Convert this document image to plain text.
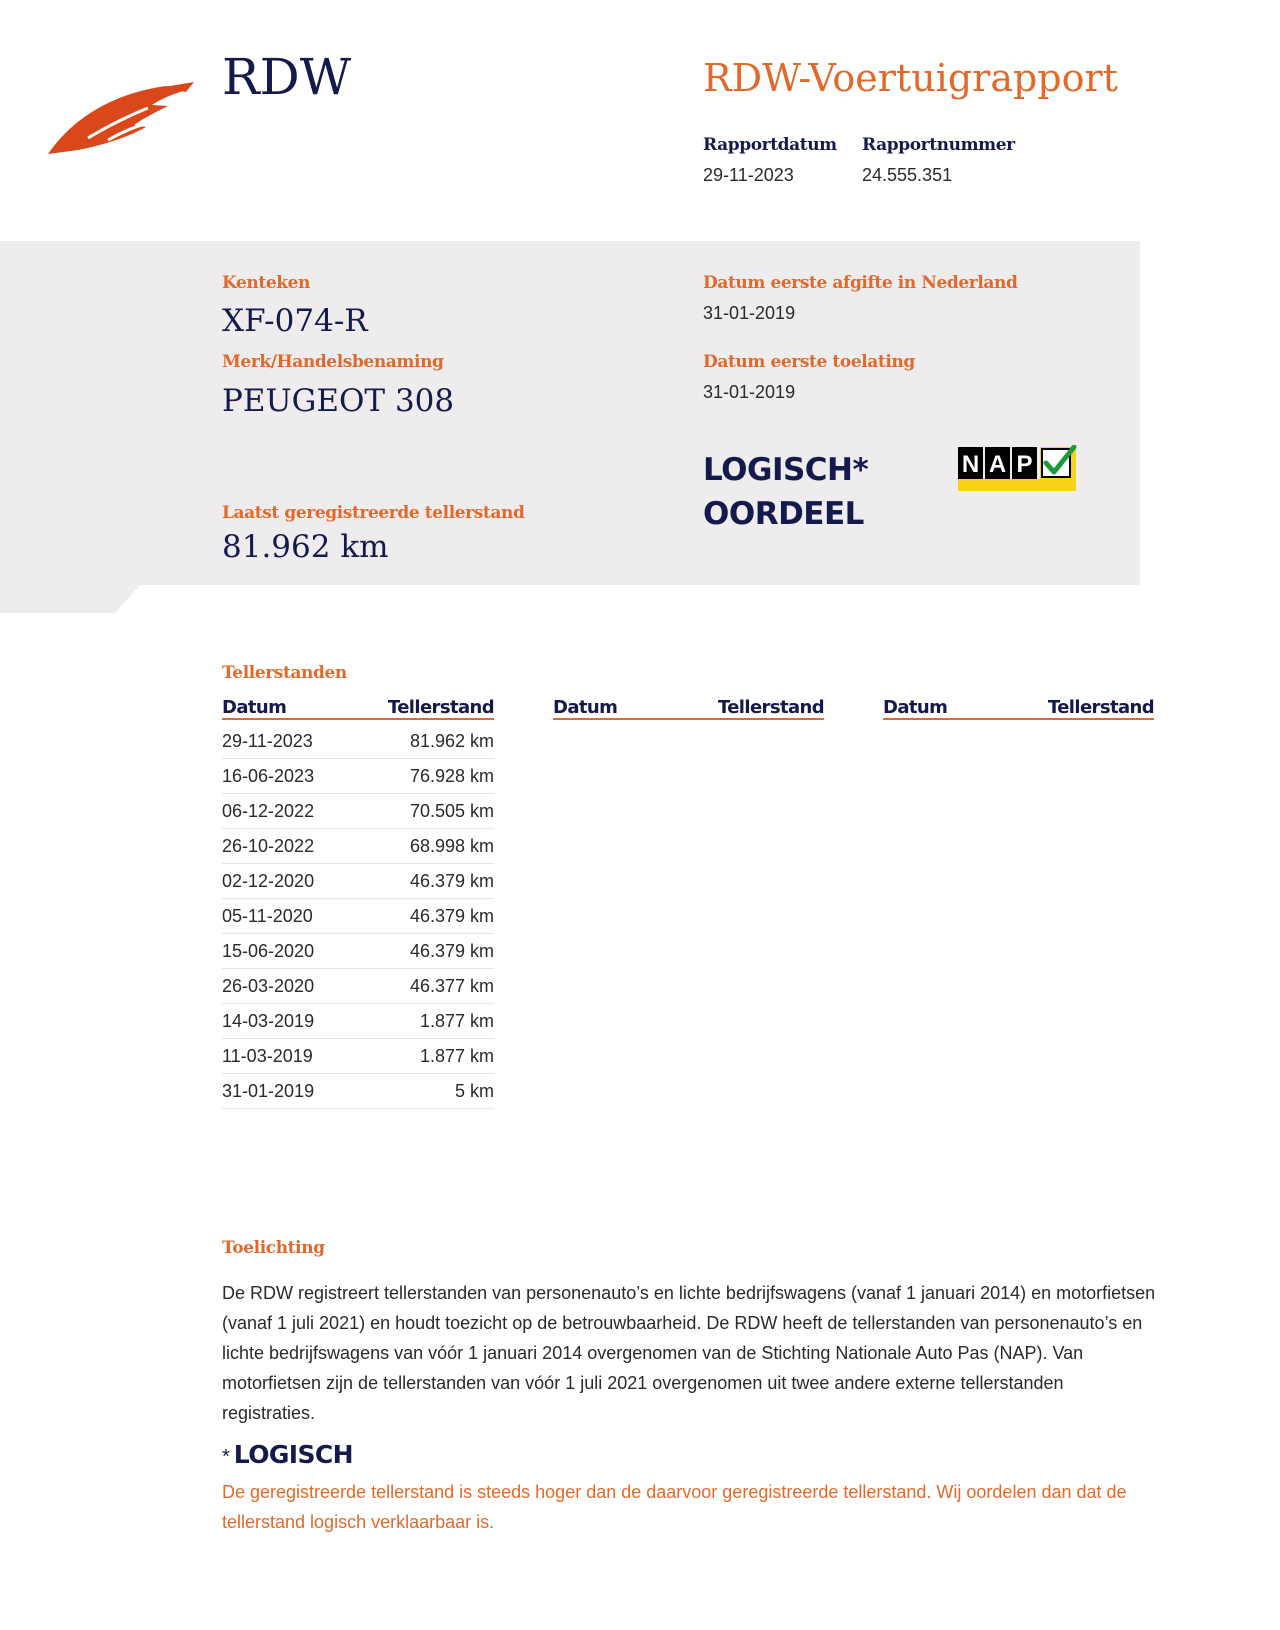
RDW	RDW-Voertuigrapport
Rapportdatum
29-11-2023
Rapportnummer
24.555.351
Kenteken
XF-074-R
Merk/Handelsbenaming
PEUGEOT 308
Laatst geregistreerde tellerstand
81.962 km
Datum eerste afgifte in Nederland
31-01-2019
Datum eerste toelating
31-01-2019
LOGISCH*
OORDEEL
N A P
Tellerstanden
Datum	Tellerstand	Datum	Tellerstand	Datum	Tellerstand
29-11-2023	81.962 km
16-06-2023	76.928 km
06-12-2022	70.505 km
26-10-2022	68.998 km
02-12-2020	46.379 km
05-11-2020	46.379 km
15-06-2020	46.379 km
26-03-2020	46.377 km
14-03-2019	1.877 km
11-03-2019	1.877 km
31-01-2019	5 km
Toelichting
De RDW registreert tellerstanden van personenauto’s en lichte bedrijfswagens (vanaf 1 januari 2014) en motorfietsen (vanaf 1 juli 2021) en houdt toezicht op de betrouwbaarheid. De RDW heeft de tellerstanden van personenauto’s en lichte bedrijfswagens van vóór 1 januari 2014 overgenomen van de Stichting Nationale Auto Pas (NAP). Van motorfietsen zijn de tellerstanden van vóór 1 juli 2021 overgenomen uit twee andere externe tellerstanden registraties.
* LOGISCH
De geregistreerde tellerstand is steeds hoger dan de daarvoor geregistreerde tellerstand. Wij oordelen dan dat de tellerstand logisch verklaarbaar is.
